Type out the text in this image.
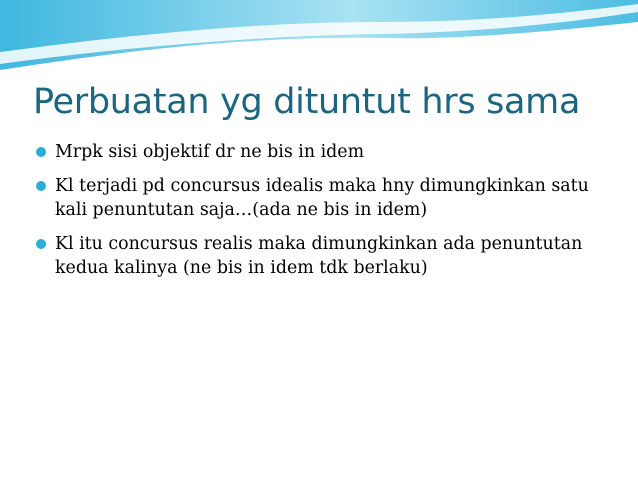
Perbuatan yg dituntut hrs sama
Mrpk sisi objektif dr ne bis in idem
Kl terjadi pd concursus idealis maka hny dimungkinkan satu kali penuntutan saja…(ada ne bis in idem)
Kl itu concursus realis maka dimungkinkan ada penuntutan kedua kalinya (ne bis in idem tdk berlaku)
